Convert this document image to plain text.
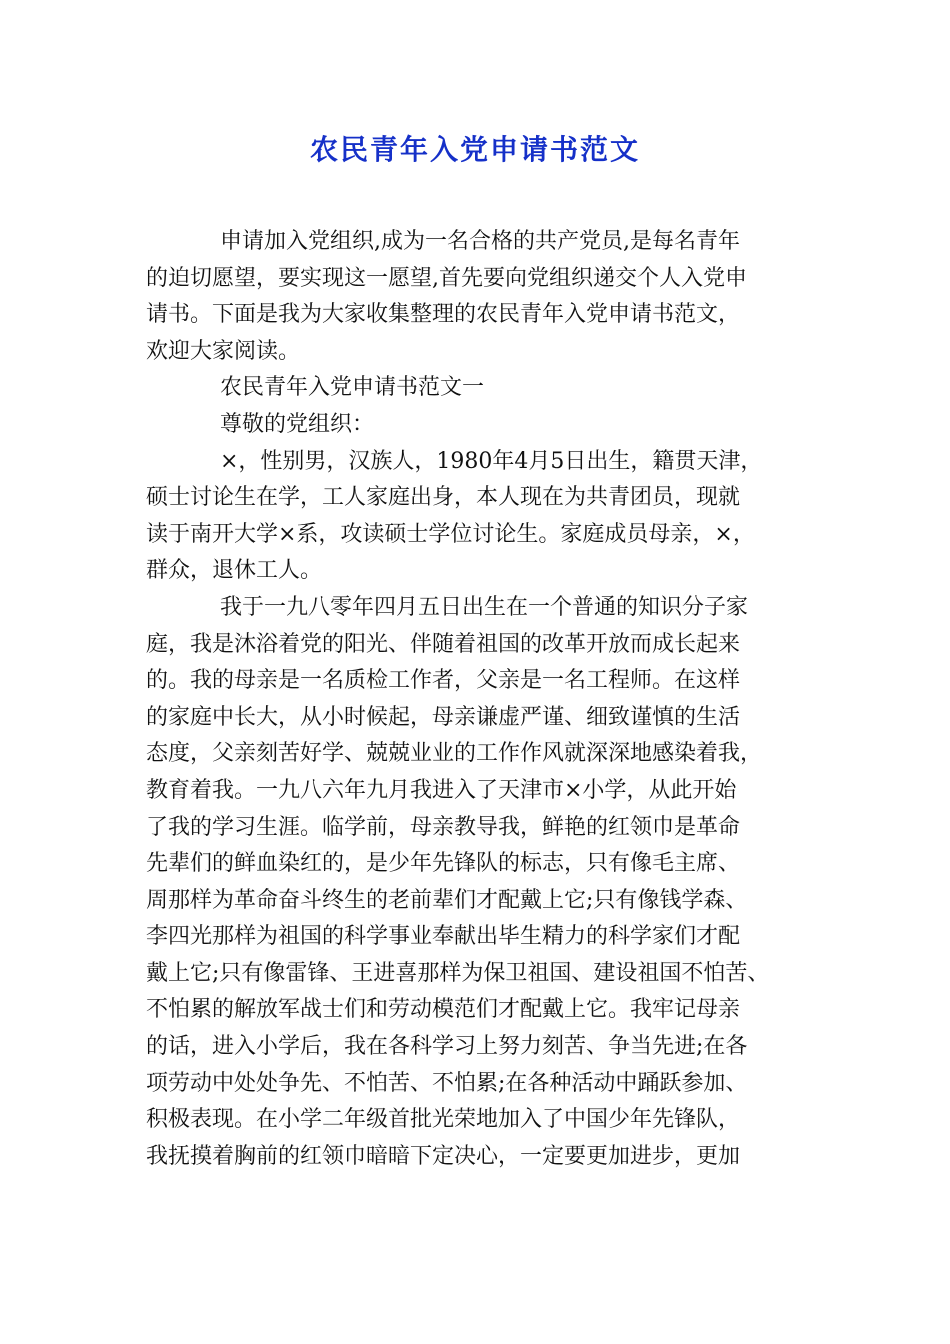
农民青年入党申请书范文
申请加入党组织,成为一名合格的共产党员,是每名青年
的迫切愿望，要实现这一愿望,首先要向党组织递交个人入党申
请书。下面是我为大家收集整理的农民青年入党申请书范文，
欢迎大家阅读。
农民青年入党申请书范文一
尊敬的党组织：
×，性别男，汉族人，1980年4月5日出生，籍贯天津，
硕士讨论生在学，工人家庭出身，本人现在为共青团员，现就
读于南开大学×系，攻读硕士学位讨论生。家庭成员母亲，×，
群众，退休工人。
我于一九八零年四月五日出生在一个普通的知识分子家
庭，我是沐浴着党的阳光、伴随着祖国的改革开放而成长起来
的。我的母亲是一名质检工作者，父亲是一名工程师。在这样
的家庭中长大，从小时候起，母亲谦虚严谨、细致谨慎的生活
态度，父亲刻苦好学、兢兢业业的工作作风就深深地感染着我，
教育着我。一九八六年九月我进入了天津市×小学，从此开始
了我的学习生涯。临学前，母亲教导我，鲜艳的红领巾是革命
先辈们的鲜血染红的，是少年先锋队的标志，只有像毛主席、
周那样为革命奋斗终生的老前辈们才配戴上它;只有像钱学森、
李四光那样为祖国的科学事业奉献出毕生精力的科学家们才配
戴上它;只有像雷锋、王进喜那样为保卫祖国、建设祖国不怕苦、
不怕累的解放军战士们和劳动模范们才配戴上它。我牢记母亲
的话，进入小学后，我在各科学习上努力刻苦、争当先进;在各
项劳动中处处争先、不怕苦、不怕累;在各种活动中踊跃参加、
积极表现。在小学二年级首批光荣地加入了中国少年先锋队，
我抚摸着胸前的红领巾暗暗下定决心，一定要更加进步，更加
